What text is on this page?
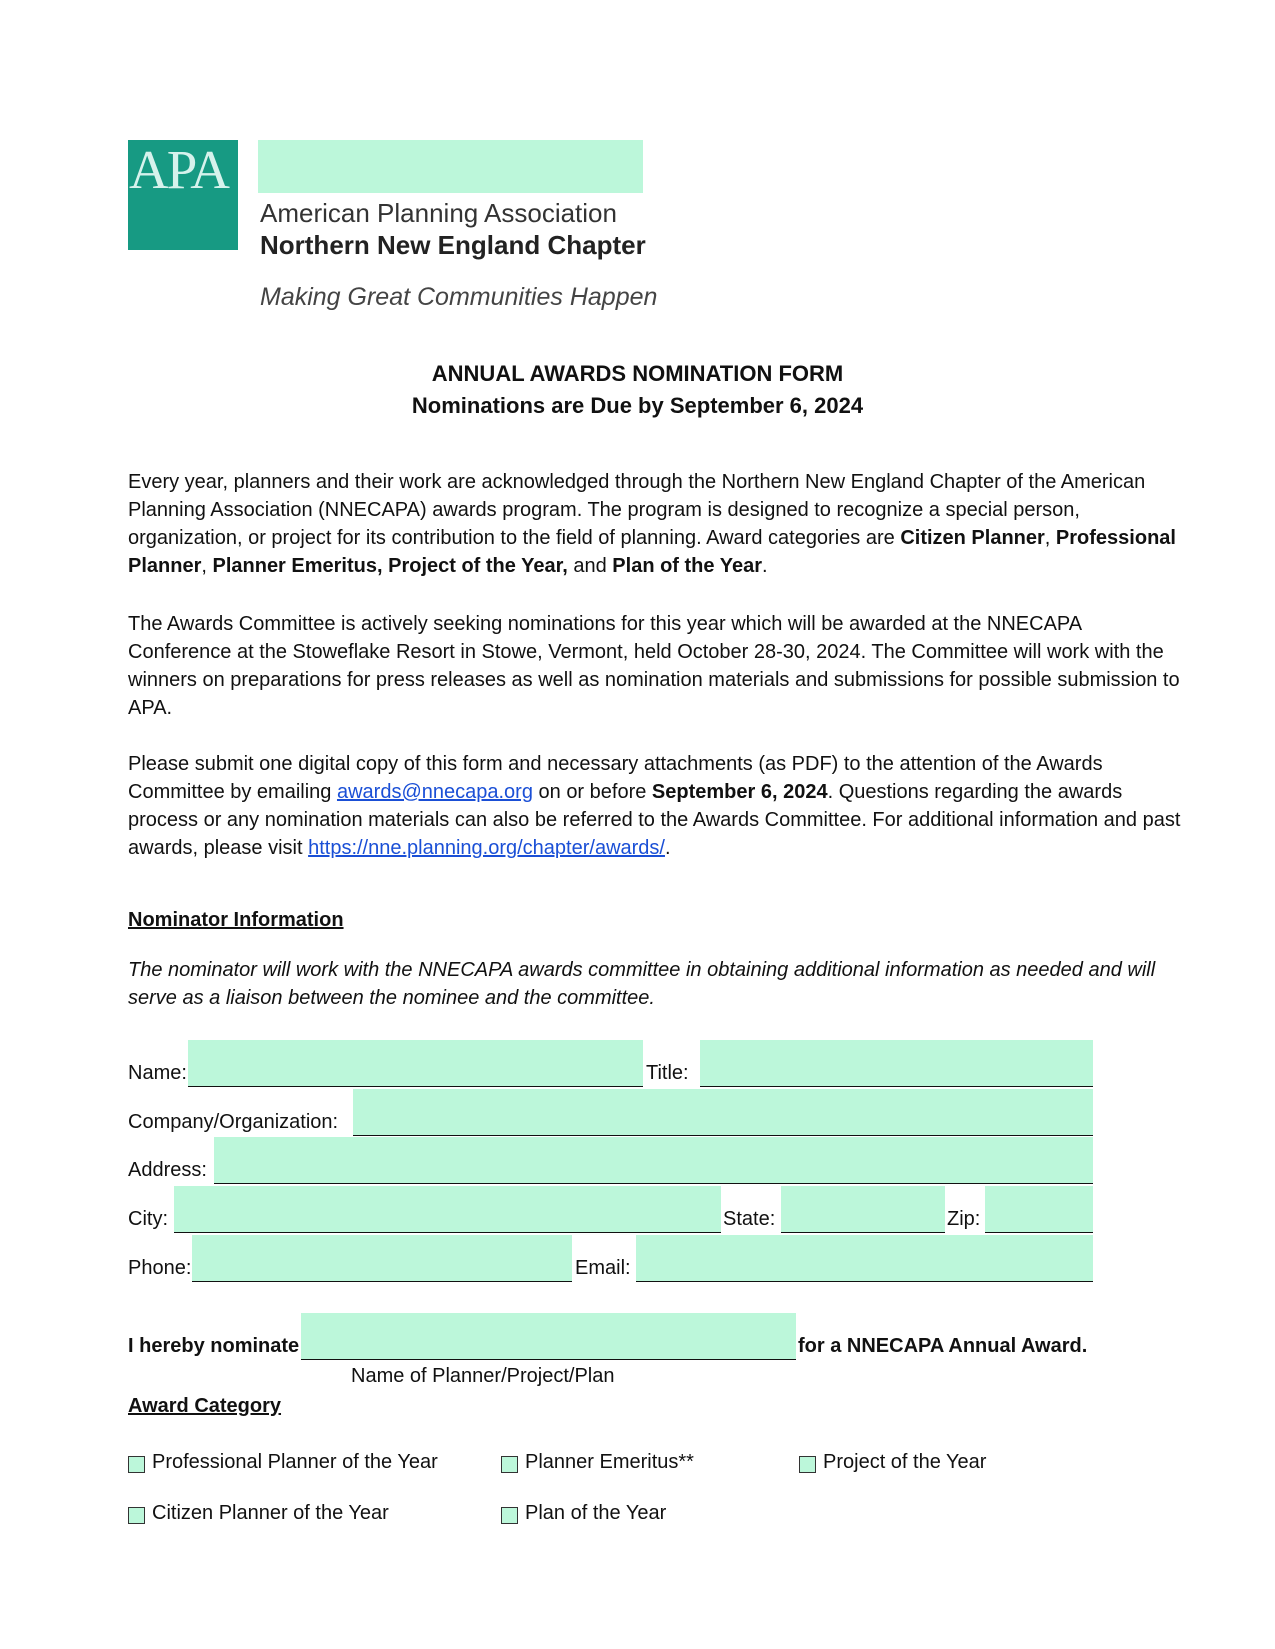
APA
American Planning Association
Northern New England Chapter
Making Great Communities Happen
ANNUAL AWARDS NOMINATION FORM
Nominations are Due by September 6, 2024
Every year, planners and their work are acknowledged through the Northern New England Chapter of the American Planning Association (NNECAPA) awards program. The program is designed to recognize a special person, organization, or project for its contribution to the field of planning. Award categories are Citizen Planner, Professional Planner, Planner Emeritus, Project of the Year, and Plan of the Year.
The Awards Committee is actively seeking nominations for this year which will be awarded at the NNECAPA Conference at the Stoweflake Resort in Stowe, Vermont, held October 28-30, 2024. The Committee will work with the winners on preparations for press releases as well as nomination materials and submissions for possible submission to APA.
Please submit one digital copy of this form and necessary attachments (as PDF) to the attention of the Awards Committee by emailing awards@nnecapa.org on or before September 6, 2024. Questions regarding the awards process or any nomination materials can also be referred to the Awards Committee. For additional information and past awards, please visit https://nne.planning.org/chapter/awards/.
Nominator Information
The nominator will work with the NNECAPA awards committee in obtaining additional information as needed and will serve as a liaison between the nominee and the committee.
Name:	Title:
Company/Organization:
Address:
City:	State:	Zip:
Phone:	Email:
I hereby nominate	for a NNECAPA Annual Award.
Name of Planner/Project/Plan
Award Category
Professional Planner of the Year	Planner Emeritus**	Project of the Year
Citizen Planner of the Year	Plan of the Year
